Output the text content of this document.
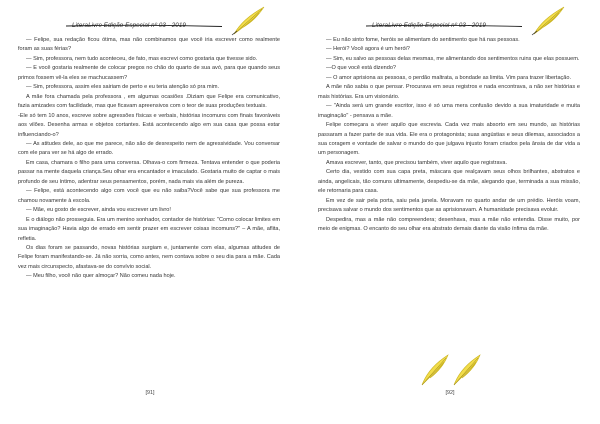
LiteraLivre Edição Especial nº 03 - 2019

— Felipe, sua redação ficou ótima, mas não combinamos que você iria escrever como realmente foram as suas férias?

— Sim, professora, nem tudo aconteceu, de fato, mas escrevi como gostaria que tivesse sido.

— E você gostaria realmente de colocar pregos no chão do quarto de sua avó, para que quando seus primos fossem vê-la eles se machucassem?

— Sim, professora, assim eles sairiam de perto e eu teria atenção só pra mim.

A mãe fora chamada pela professora , em algumas ocasiões .Diziam que Felipe era comunicativo, fazia amizades com facilidade, mas que ficavam apreensivos com o teor de suas produções textuais.

-Ele só tem 10 anos, escreve sobre agressões físicas e verbais, histórias incomuns com finais favoráveis aos vilões. Desenha armas e objetos cortantes. Está acontecendo algo em sua casa que possa estar influenciando-o?

— As atitudes dele, ao que me parece, não são de desrespeito nem de agressividade. Vou conversar com ele para ver se há algo de errado.

Em casa, chamara o filho para uma conversa. Olhava-o com firmeza. Tentava entender o que poderia passar na mente daquela criança.Seu olhar era encantador e imaculado. Gostaria muito de captar o mais profundo de seu íntimo, adentrar seus pensamentos, porém, nada mais via além de pureza.

— Felipe, está acontecendo algo com você que eu não saiba?Você sabe que sua professora me chamou novamente à escola.

— Mãe, eu gosto de escrever, ainda vou escrever um livro!

E o diálogo não prosseguia. Era um menino sonhador, contador de histórias: "Como colocar limites em sua imaginação? Havia algo de errado em sentir prazer em escrever coisas incomuns?" – A mãe, aflita, refletia.

Os dias foram se passando, novas histórias surgiam e, juntamente com elas, algumas atitudes de Felipe foram manifestando-se. Já não sorria, como antes, nem contava sobre o seu dia para a mãe. Cada vez mais circunspecto, afastava-se do convívio social.

— Meu filho, você não quer almoçar? Não comeu nada hoje.

[91]
LiteraLivre Edição Especial nº 03 - 2019

— Eu não sinto fome, heróis se alimentam do sentimento que há nas pessoas.

— Herói? Você agora é um herói?

— Sim, eu salvo as pessoas delas mesmas, me alimentando dos sentimentos ruins que elas possuem.

—O que você está dizendo?

— O amor aprisiona as pessoas, o perdão maltrata, a bondade as limita. Vim para trazer libertação.

A mãe não sabia o que pensar. Procurava em seus registros e nada encontrava, a não ser histórias e mais histórias. Era um visionário.

— "Ainda será um grande escritor, isso é só uma mera confusão devido a sua imaturidade e muita imaginação" - pensava a mãe.

Felipe começara a viver aquilo que escrevia. Cada vez mais absorto em seu mundo, as histórias passaram a fazer parte de sua vida. Ele era o protagonista; suas angústias e seus dilemas, associados a sua coragem e vontade de salvar o mundo do que julgava injusto foram criados pela ânsia de dar vida a um personagem.

Amava escrever, tanto, que precisou também, viver aquilo que registrava.

Certo dia, vestido com sua capa preta, máscara que realçavam seus olhos brilhantes, abstratos e ainda, angelicais, tão comuns ultimamente, despediu-se da mãe, alegando que, terminada a sua missão, ele retornaria para casa.

Em vez de sair pela porta, saiu pela janela. Moravam no quarto andar de um prédio. Heróis voam, precisava salvar o mundo dos sentimentos que as aprisionavam. A humanidade precisava evoluir.

Despedira, mas a mãe não compreendera; desenhava, mas a mãe não entendia. Disse muito, por meio de enigmas. O encanto do seu olhar era abstrato demais diante da visão ínfima da mãe.

[92]
